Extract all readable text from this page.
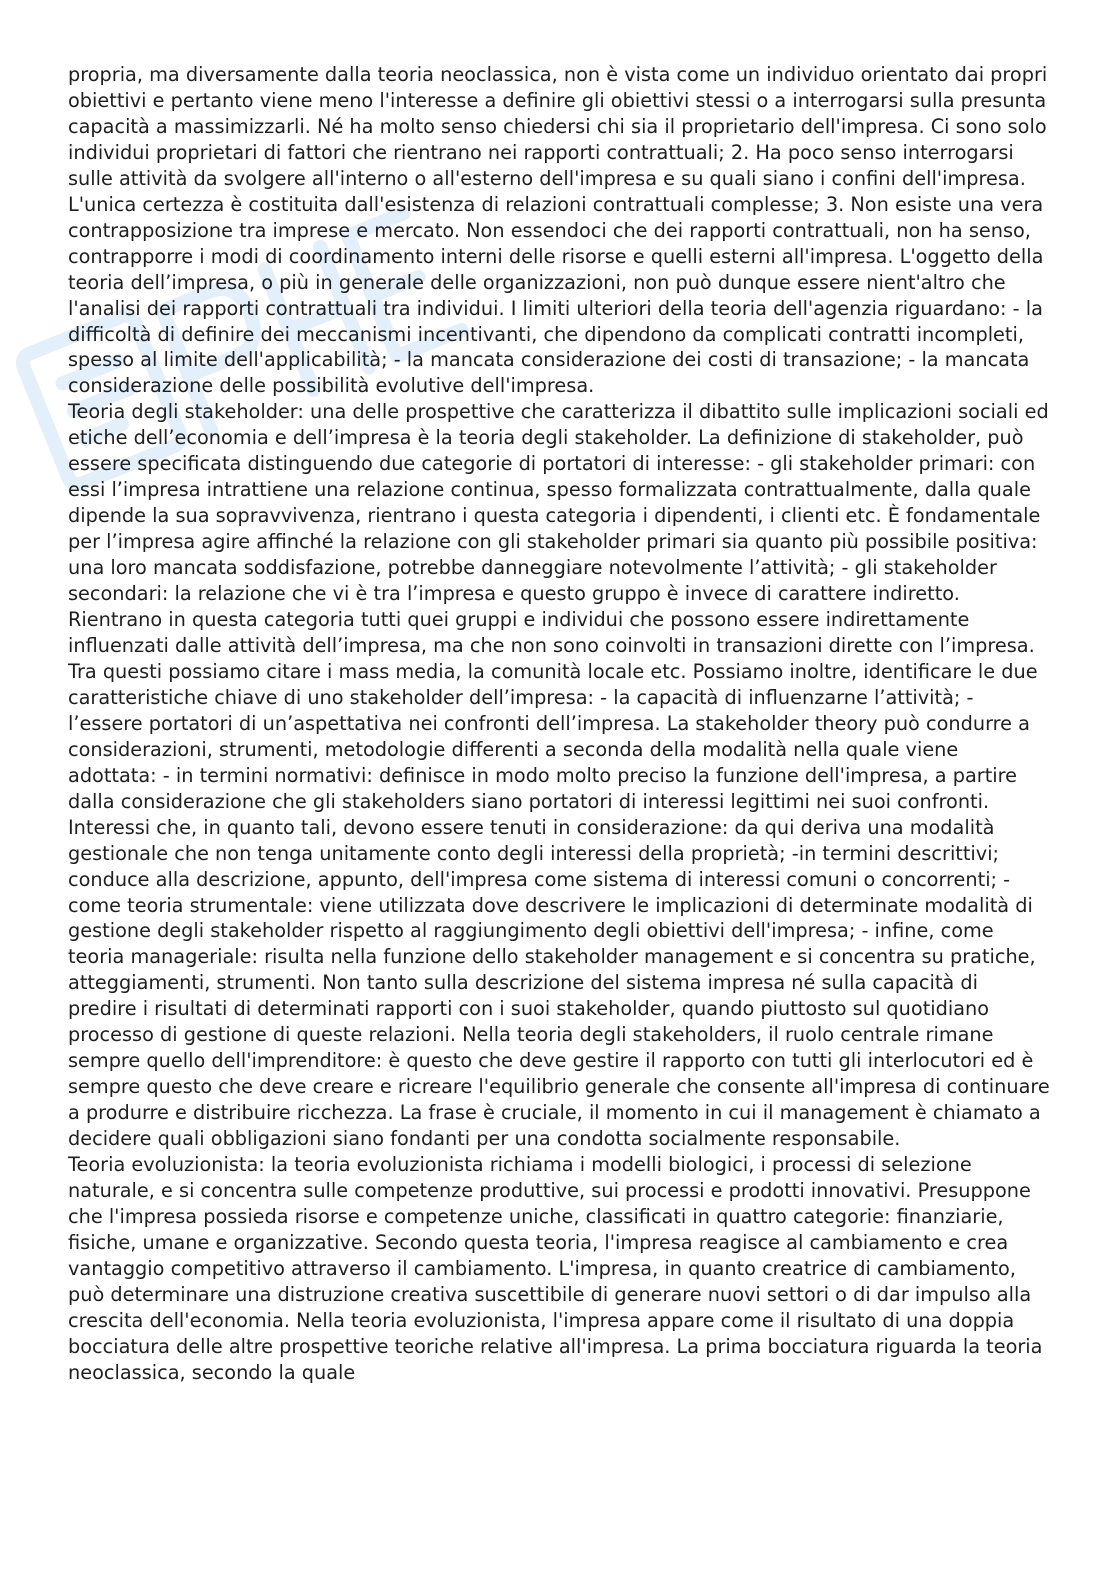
propria, ma diversamente dalla teoria neoclassica, non è vista come un individuo orientato dai propri obiettivi e pertanto viene meno l'interesse a definire gli obiettivi stessi o a interrogarsi sulla presunta capacità a massimizzarli. Né ha molto senso chiedersi chi sia il proprietario dell'impresa. Ci sono solo individui proprietari di fattori che rientrano nei rapporti contrattuali; 2. Ha poco senso interrogarsi sulle attività da svolgere all'interno o all'esterno dell'impresa e su quali siano i confini dell'impresa. L'unica certezza è costituita dall'esistenza di relazioni contrattuali complesse; 3. Non esiste una vera contrapposizione tra imprese e mercato. Non essendoci che dei rapporti contrattuali, non ha senso, contrapporre i modi di coordinamento interni delle risorse e quelli esterni all'impresa. L'oggetto della teoria dell’impresa, o più in generale delle organizzazioni, non può dunque essere nient'altro che l'analisi dei rapporti contrattuali tra individui. I limiti ulteriori della teoria dell'agenzia riguardano: - la difficoltà di definire dei meccanismi incentivanti, che dipendono da complicati contratti incompleti, spesso al limite dell'applicabilità; - la mancata considerazione dei costi di transazione; - la mancata considerazione delle possibilità evolutive dell'impresa.

Teoria degli stakeholder: una delle prospettive che caratterizza il dibattito sulle implicazioni sociali ed etiche dell’economia e dell’impresa è la teoria degli stakeholder. La definizione di stakeholder, può essere specificata distinguendo due categorie di portatori di interesse: - gli stakeholder primari: con essi l’impresa intrattiene una relazione continua, spesso formalizzata contrattualmente, dalla quale dipende la sua sopravvivenza, rientrano i questa categoria i dipendenti, i clienti etc. È fondamentale per l’impresa agire affinché la relazione con gli stakeholder primari sia quanto più possibile positiva: una loro mancata soddisfazione, potrebbe danneggiare notevolmente l’attività; - gli stakeholder secondari: la relazione che vi è tra l’impresa e questo gruppo è invece di carattere indiretto. Rientrano in questa categoria tutti quei gruppi e individui che possono essere indirettamente influenzati dalle attività dell’impresa, ma che non sono coinvolti in transazioni dirette con l’impresa. Tra questi possiamo citare i mass media, la comunità locale etc. Possiamo inoltre, identificare le due caratteristiche chiave di uno stakeholder dell’impresa: - la capacità di influenzarne l’attività; - l’essere portatori di un’aspettativa nei confronti dell’impresa. La stakeholder theory può condurre a considerazioni, strumenti, metodologie differenti a seconda della modalità nella quale viene adottata: - in termini normativi: definisce in modo molto preciso la funzione dell'impresa, a partire dalla considerazione che gli stakeholders siano portatori di interessi legittimi nei suoi confronti. Interessi che, in quanto tali, devono essere tenuti in considerazione: da qui deriva una modalità gestionale che non tenga unitamente conto degli interessi della proprietà; -in termini descrittivi; conduce alla descrizione, appunto, dell'impresa come sistema di interessi comuni o concorrenti; - come teoria strumentale: viene utilizzata dove descrivere le implicazioni di determinate modalità di gestione degli stakeholder rispetto al raggiungimento degli obiettivi dell'impresa; - infine, come teoria manageriale: risulta nella funzione dello stakeholder management e si concentra su pratiche, atteggiamenti, strumenti. Non tanto sulla descrizione del sistema impresa né sulla capacità di predire i risultati di determinati rapporti con i suoi stakeholder, quando piuttosto sul quotidiano processo di gestione di queste relazioni. Nella teoria degli stakeholders, il ruolo centrale rimane sempre quello dell'imprenditore: è questo che deve gestire il rapporto con tutti gli interlocutori ed è sempre questo che deve creare e ricreare l'equilibrio generale che consente all'impresa di continuare a produrre e distribuire ricchezza. La frase è cruciale, il momento in cui il management è chiamato a decidere quali obbligazioni siano fondanti per una condotta socialmente responsabile.

Teoria evoluzionista: la teoria evoluzionista richiama i modelli biologici, i processi di selezione naturale, e si concentra sulle competenze produttive, sui processi e prodotti innovativi. Presuppone che l'impresa possieda risorse e competenze uniche, classificati in quattro categorie: finanziarie, fisiche, umane e organizzative. Secondo questa teoria, l'impresa reagisce al cambiamento e crea vantaggio competitivo attraverso il cambiamento. L'impresa, in quanto creatrice di cambiamento, può determinare una distruzione creativa suscettibile di generare nuovi settori o di dar impulso alla crescita dell'economia. Nella teoria evoluzionista, l'impresa appare come il risultato di una doppia bocciatura delle altre prospettive teoriche relative all'impresa. La prima bocciatura riguarda la teoria neoclassica, secondo la quale
